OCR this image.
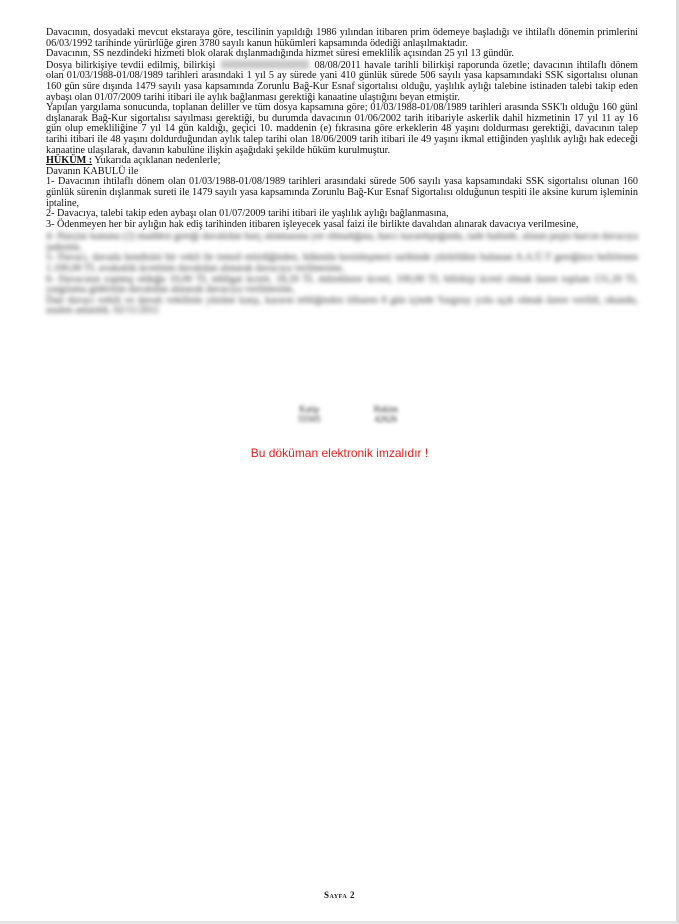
Davacının, dosyadaki mevcut ekstaraya göre, tescilinin yapıldığı 1986 yılından itibaren prim ödemeye başladığı ve ihtilaflı dönemin primlerini 06/03/1992 tarihinde yürürlüğe giren 3780 sayılı kanun hükümleri kapsamında ödediği anlaşılmaktadır.

Davacının, SS nezdindeki hizmeti blok olarak dışlanmadığında hizmet süresi emeklilik açısından 25 yıl 13 gündür.

Dosya bilirkişiye tevdii edilmiş, bilirkişi	08/08/2011 havale tarihli bilirkişi raporunda özetle; davacının ihtilaflı dönem olan 01/03/1988-01/08/1989 tarihleri arasındaki 1 yıl 5 ay sürede yani 410 günlük sürede 506 sayılı yasa kapsamındaki SSK sigortalısı olunan 160 gün süre dışında 1479 sayılı yasa kapsamında Zorunlu Bağ-Kur Esnaf sigortalısı olduğu, yaşlılık aylığı talebine istinaden talebi takip eden aybaşı olan 01/07/2009 tarihi itibari ile aylık bağlanması gerektiği kanaatine ulaştığını beyan etmiştir.

Yapılan yargılama sonucunda, toplanan deliller ve tüm dosya kapsamına göre; 01/03/1988-01/08/1989 tarihleri arasında SSK'lı olduğu 160 günl dışlanarak Bağ-Kur sigortalısı sayılması gerektiği, bu durumda davacının 01/06/2002 tarih itibariyle askerlik dahil hizmetinin 17 yıl 11 ay 16 gün olup emekliliğine 7 yıl 14 gün kaldığı, geçici 10. maddenin (e) fıkrasına göre erkeklerin 48 yaşını doldurması gerektiği, davacının talep tarihi itibari ile 48 yaşını doldurduğundan aylık talep tarihi olan 18/06/2009 tarih itibari ile 49 yaşını ikmal ettiğinden yaşlılık aylığı hak edeceği kanaatine ulaşılarak, davanın kabulüne ilişkin aşağıdaki şekilde hüküm kurulmuştur.

HÜKÜM : Yukarıda açıklanan nedenlerle;

Davanın KABULÜ ile

1- Davacının ihtilaflı dönem olan 01/03/1988-01/08/1989 tarihleri arasındaki sürede 506 sayılı yasa kapsamındaki SSK sigortalısı olunan 160 günlük sürenin dışlanmak sureti ile 1479 sayılı yasa kapsamında Zorunlu Bağ-Kur Esnaf Sigortalısı olduğunun tespiti ile aksine kurum işleminin iptaline,

2- Davacıya, talebi takip eden aybaşı olan 01/07/2009 tarihi itibari ile yaşlılık aylığı bağlanmasına,

3- Ödenmeyen her bir aylığın hak ediş tarihinden itibaren işleyecek yasal faizi ile birlikte davalıdan alınarak davacıya verilmesine,

4- Harçlar kanunu (2) maddesi gereği davalıdan harç alınmasına yer olmadığına, harcı karardıştığında, iade halinde, alınan peşin harcın davacıya iadesine,

5- Davacı, davada kendisini bir vekil ile temsil ettirdiğinden, hükmün kesinleşmesi tarihinde yürürlükte bulunan A.A.Ü.T gereğince belirlenen 1.100,00 TL avukatlık ücretinin davalıdan alınarak davacıya verilmesine,

6- Davacının yapmış olduğu 10,00 TL tebligat ücreti, 18,20 TL müzekkere ücreti, 100,00 TL bilirkişi ücreti olmak üzere toplam 131,20 TL yargılama giderinin davalıdan alınarak davacıya verilmesine,

Dair davacı vekili ve davalı vekilinin yüzüne karşı, kararın tebliğinden itibaren 8 gün içinde Yargıtay yolu açık olmak üzere verildi, okundu, usulen anlatıldı. 02/11/2011

Katip
55505
Hakim
42626
Bu döküman elektronik imzalıdır !
Sayfa 2
